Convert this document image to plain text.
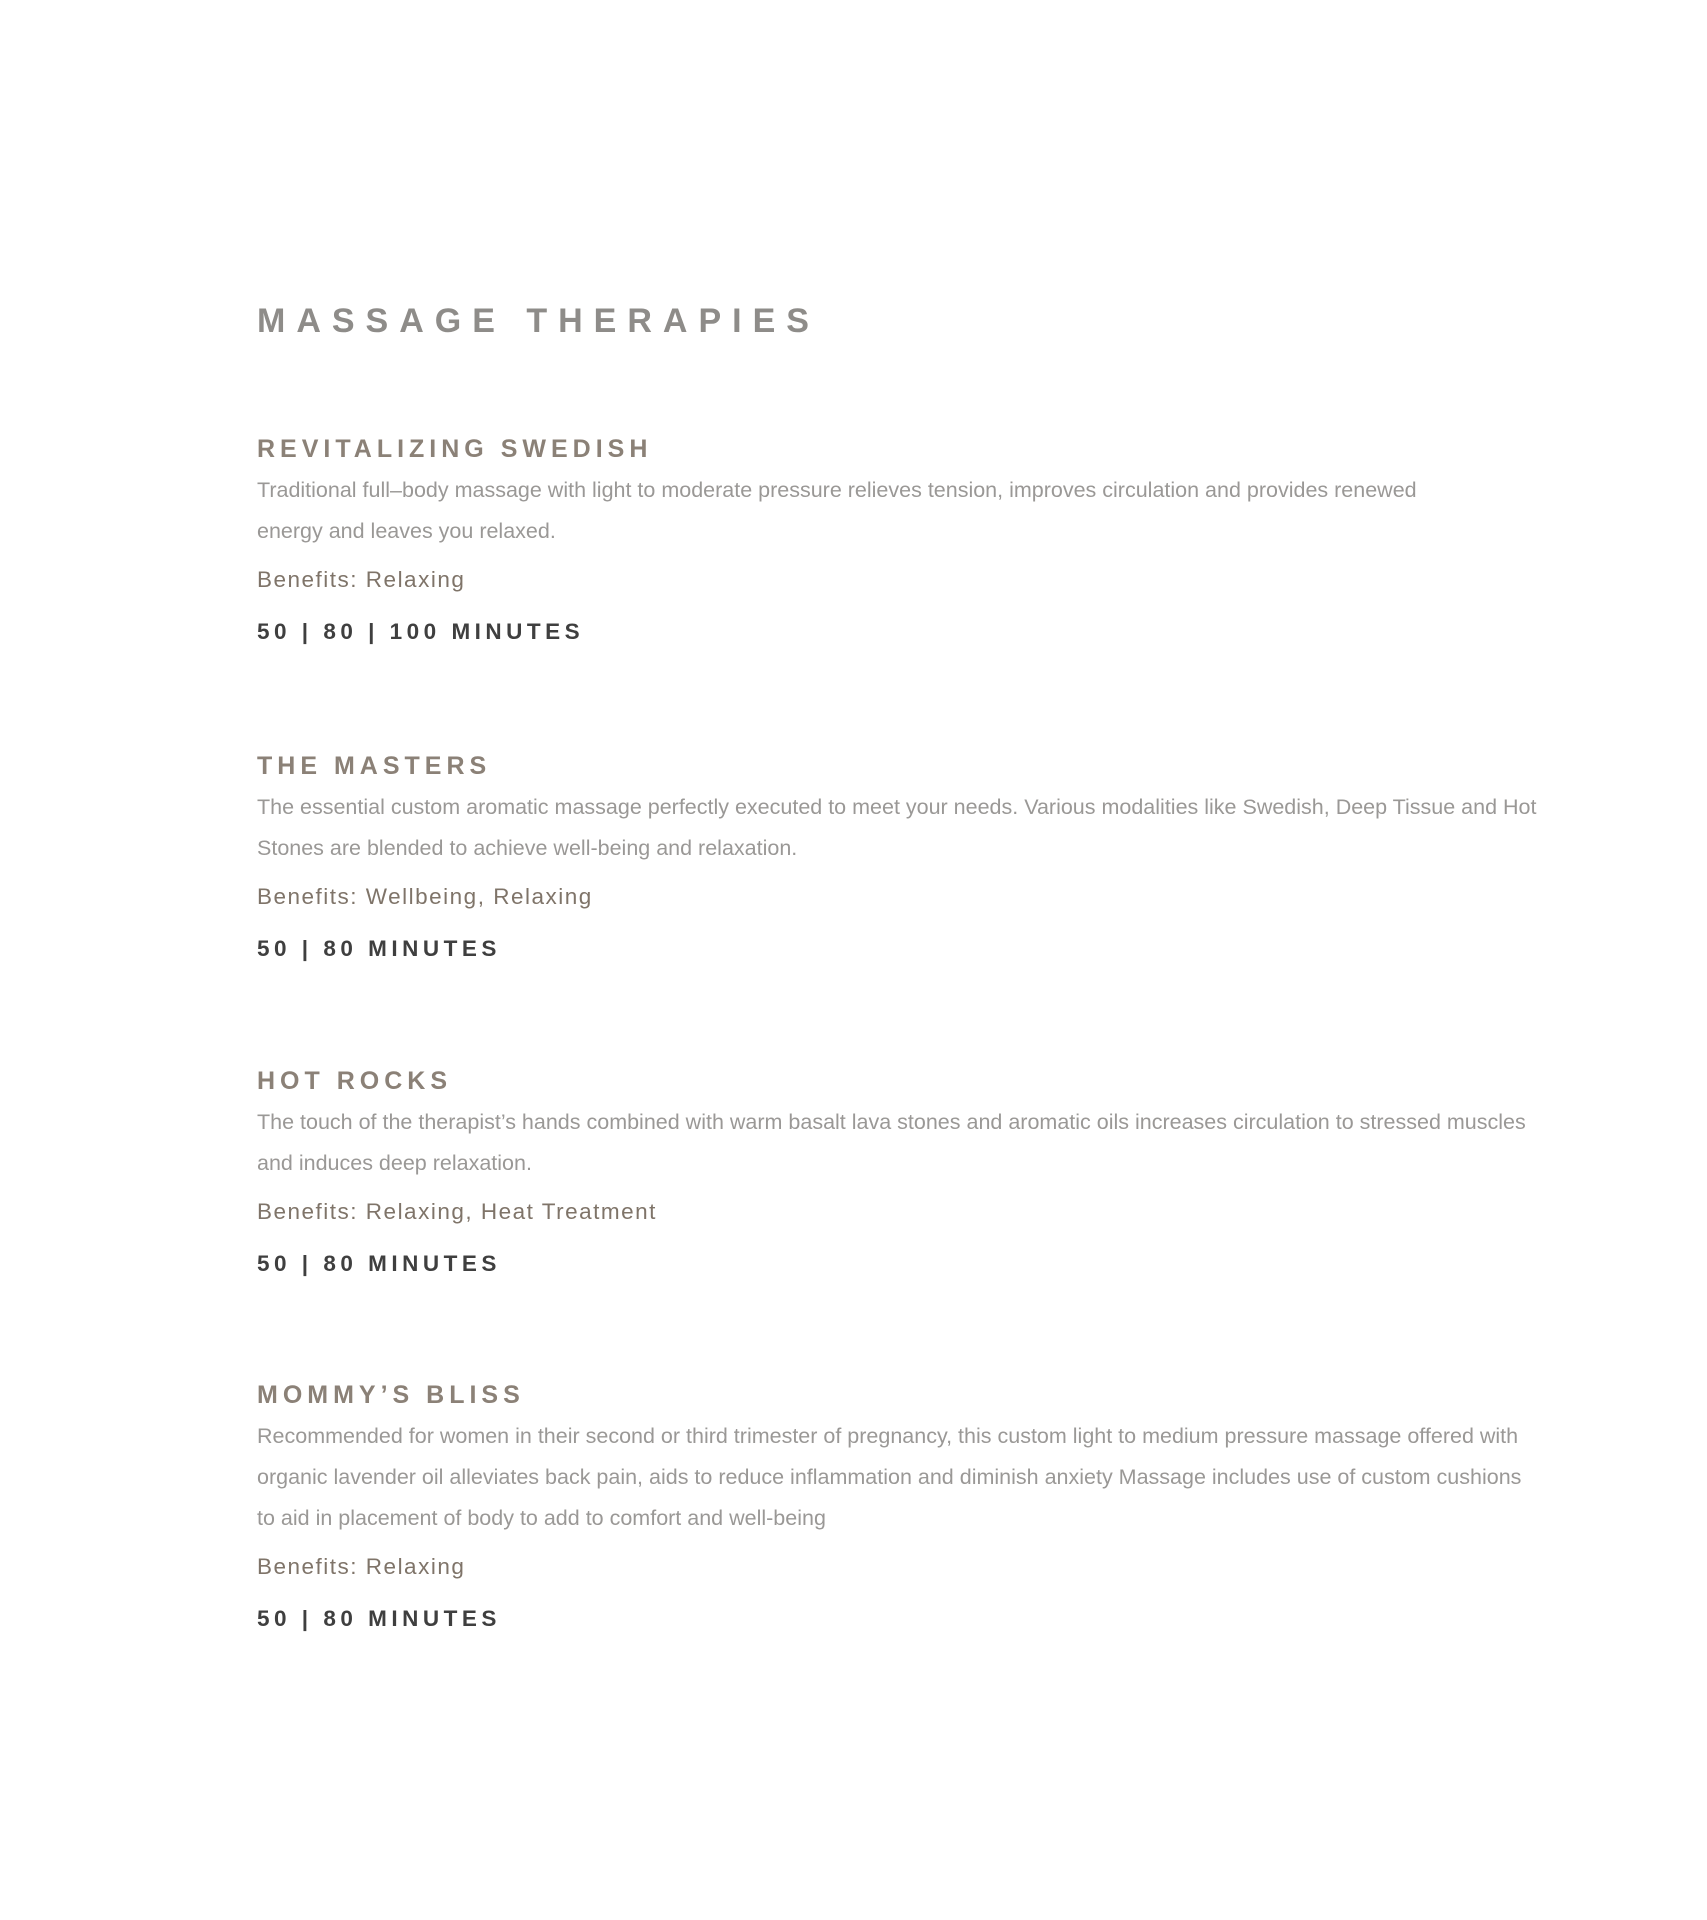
MASSAGE THERAPIES
REVITALIZING SWEDISH

Traditional full–body massage with light to moderate pressure relieves tension, improves circulation and provides renewed energy and leaves you relaxed.

Benefits: Relaxing

50 | 80 | 100 MINUTES

THE MASTERS

The essential custom aromatic massage perfectly executed to meet your needs. Various modalities like Swedish, Deep Tissue and Hot Stones are blended to achieve well-being and relaxation.

Benefits: Wellbeing, Relaxing

50 | 80 MINUTES

HOT ROCKS

The touch of the therapist’s hands combined with warm basalt lava stones and aromatic oils increases circulation to stressed muscles and induces deep relaxation.

Benefits: Relaxing, Heat Treatment

50 | 80 MINUTES

MOMMY’S BLISS

Recommended for women in their second or third trimester of pregnancy, this custom light to medium pressure massage offered with organic lavender oil alleviates back pain, aids to reduce inflammation and diminish anxiety Massage includes use of custom cushions to aid in placement of body to add to comfort and well-being

Benefits: Relaxing

50 | 80 MINUTES
